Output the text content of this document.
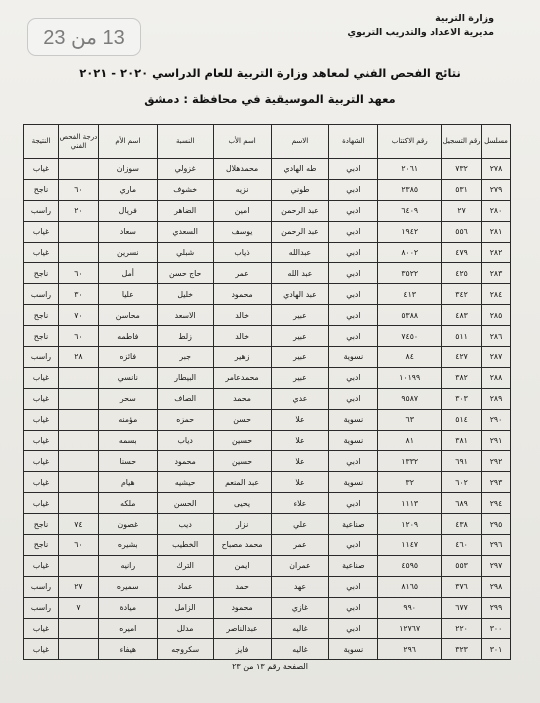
13 من 23
وزارة التربية
مديرية الاعداد والتدريب التربوي
نتائج الفحص الفني لمعاهد وزارة التربية للعام الدراسي ٢٠٢٠ - ٢٠٢١
معهد التربية الموسيقية في محافظة : دمشق
مسلسل	رقم التسجيل	رقم الاكتتاب	الشهادة	الاسم	اسم الأب	النسبة	اسم الأم	درجة الفحص الفني	النتيجة
٢٧٨	٧٣٢	٢٠٦١	ادبي	طه الهادي	محمدهلال	غزولي	سوزان		غياب
٢٧٩	٥٣١	٢٣٨٥	ادبي	طوني	نزيه	خشوف	ماري	٦٠	ناجح
٢٨٠	٢٧	٦٤٠٩	ادبي	عبد الرحمن	امين	الضاهر	فريال	٢٠	راسب
٢٨١	٥٥٦	١٩٤٢	ادبي	عبد الرحمن	يوسف	السعدي	سعاد		غياب
٢٨٢	٤٧٩	٨٠٠٢	ادبي	عبدالله	ذياب	شبلي	نسرين		غياب
٢٨٣	٤٢٥	٣٥٢٢	ادبي	عبد الله	عمر	حاج حسن	أمل	٦٠	ناجح
٢٨٤	٣٤٢	٤١٣	ادبي	عبد الهادي	محمود	خليل	عليا	٣٠	راسب
٢٨٥	٤٨٣	٥٣٨٨	ادبي	عبير	خالد	الاسعد	محاسن	٧٠	ناجح
٢٨٦	٥١١	٧٤٥٠	ادبي	عبير	خالد	زلط	فاطمه	٦٠	ناجح
٢٨٧	٤٢٧	٨٤	نسوية	عبير	زهير	جبر	فائزه	٢٨	راسب
٢٨٨	٣٨٢	١٠١٩٩	ادبي	عبير	محمدعامر	البيطار	نانسي		غياب
٢٨٩	٣٠٣	٩٥٨٧	ادبي	عدي	محمد	الصاف	سحر		غياب
٢٩٠	٥١٤	٦٣	نسوية	علا	حسن	حمزه	مؤمنه		غياب
٢٩١	٣٨١	٨١	نسوية	علا	حسين	دياب	بسمه		غياب
٢٩٢	٦٩١	١٣٣٢	ادبي	علا	حسين	محمود	حسنا		غياب
٢٩٣	٦٠٢	٣٢	نسوية	علا	عبد المنعم	حيشيه	هيام		غياب
٢٩٤	٦٨٩	١١١٣	ادبي	علاء	يحيى	الحسن	ملكه		غياب
٢٩٥	٤٣٨	١٢٠٩	صناعية	علي	نزار	ديب	غصون	٧٤	ناجح
٢٩٦	٤٦٠	١١٤٧	ادبي	عمر	محمد مصباح	الخطيب	بشيره	٦٠	ناجح
٢٩٧	٥٥٣	٤٥٩٥	صناعية	عمران	ايمن	الترك	رانيه		غياب
٢٩٨	٣٧٦	٨١٦٥	ادبي	عهد	حمد	عماد	سميره	٢٧	راسب
٢٩٩	٦٧٧	٩٩٠	ادبي	غازي	محمود	الزامل	ميادة	٧	راسب
٣٠٠	٢٢٠	١٢٧٦٧	ادبي	غاليه	عبدالناصر	مدلل	اميره		غياب
٣٠١	٣٢٣	٢٩٦	نسوية	غاليه	فايز	سكروجه	هيفاء		غياب
الصفحة رقم ١٣ من ٢٣
